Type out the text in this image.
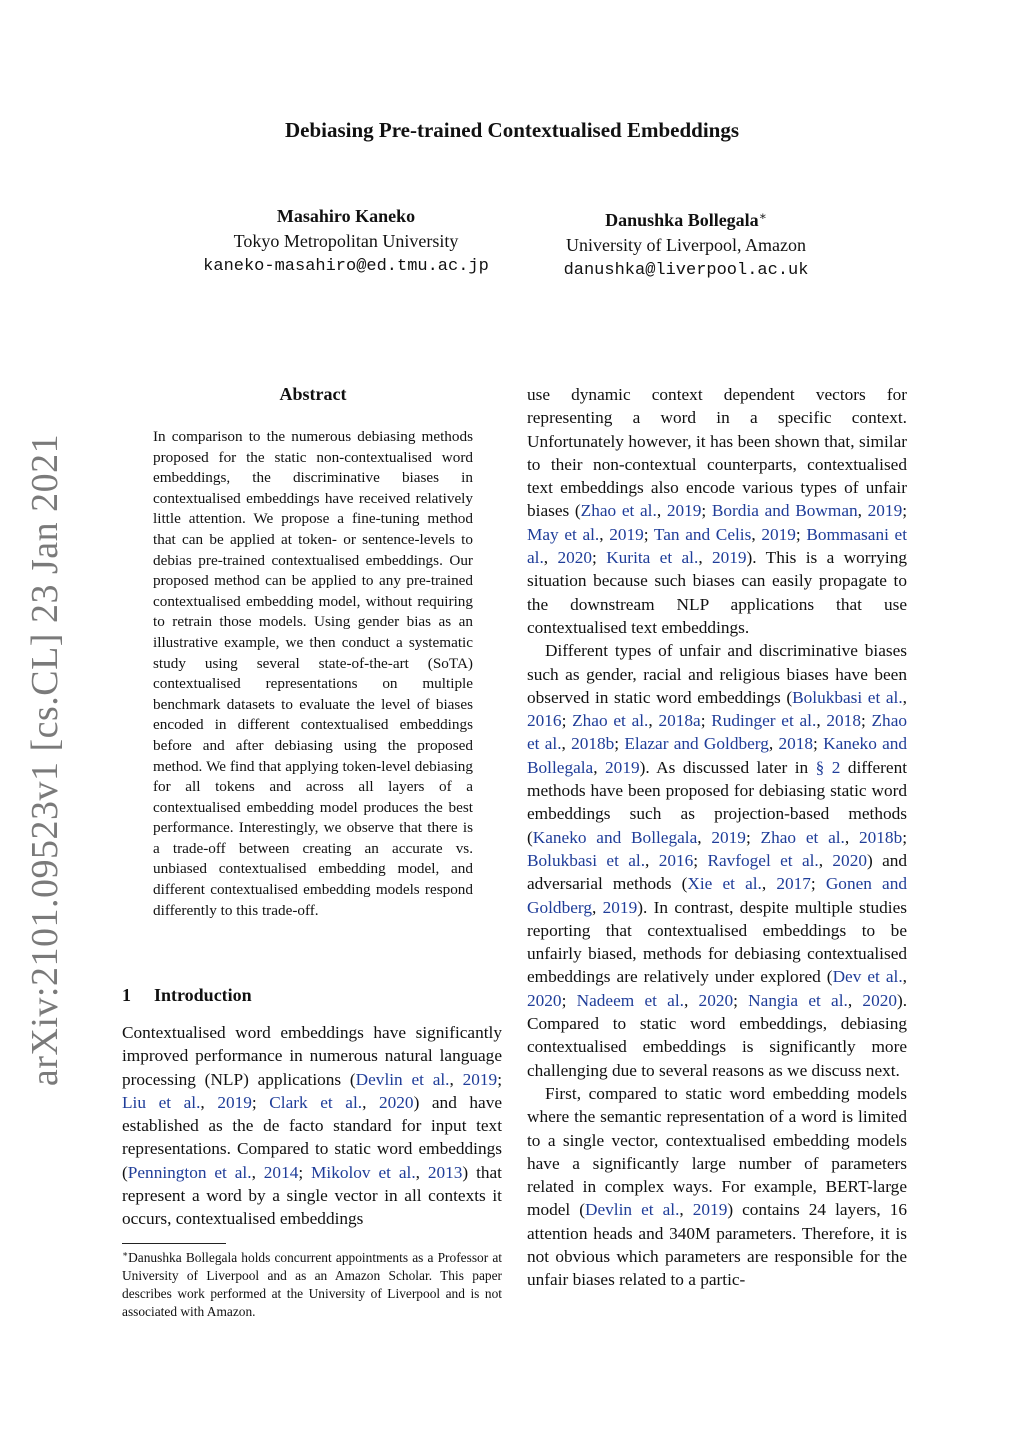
Debiasing Pre-trained Contextualised Embeddings
Masahiro Kaneko
Tokyo Metropolitan University
kaneko-masahiro@ed.tmu.ac.jp
Danushka Bollegala∗
University of Liverpool, Amazon
danushka@liverpool.ac.uk
arXiv:2101.09523v1 [cs.CL] 23 Jan 2021
Abstract

In comparison to the numerous debiasing methods proposed for the static non-contextualised word embeddings, the discriminative biases in contextualised embeddings have received relatively little attention. We propose a fine-tuning method that can be applied at token- or sentence-levels to debias pre-trained contextualised embeddings. Our proposed method can be applied to any pre-trained contextualised embedding model, without requiring to retrain those models. Using gender bias as an illustrative example, we then conduct a systematic study using several state-of-the-art (SoTA) contextualised representations on multiple benchmark datasets to evaluate the level of biases encoded in different contextualised embeddings before and after debiasing using the proposed method. We find that applying token-level debiasing for all tokens and across all layers of a contextualised embedding model produces the best performance. Interestingly, we observe that there is a trade-off between creating an accurate vs. unbiased contextualised embedding model, and different contextualised embedding models respond differently to this trade-off.

1 Introduction

Contextualised word embeddings have significantly improved performance in numerous natural language processing (NLP) applications (Devlin et al., 2019; Liu et al., 2019; Clark et al., 2020) and have established as the de facto standard for input text representations. Compared to static word embeddings (Pennington et al., 2014; Mikolov et al., 2013) that represent a word by a single vector in all contexts it occurs, contextualised embeddings

use dynamic context dependent vectors for representing a word in a specific context. Unfortunately however, it has been shown that, similar to their non-contextual counterparts, contextualised text embeddings also encode various types of unfair biases (Zhao et al., 2019; Bordia and Bowman, 2019; May et al., 2019; Tan and Celis, 2019; Bommasani et al., 2020; Kurita et al., 2019). This is a worrying situation because such biases can easily propagate to the downstream NLP applications that use contextualised text embeddings.

Different types of unfair and discriminative biases such as gender, racial and religious biases have been observed in static word embeddings (Bolukbasi et al., 2016; Zhao et al., 2018a; Rudinger et al., 2018; Zhao et al., 2018b; Elazar and Goldberg, 2018; Kaneko and Bollegala, 2019). As discussed later in § 2 different methods have been proposed for debiasing static word embeddings such as projection-based methods (Kaneko and Bollegala, 2019; Zhao et al., 2018b; Bolukbasi et al., 2016; Ravfogel et al., 2020) and adversarial methods (Xie et al., 2017; Gonen and Goldberg, 2019). In contrast, despite multiple studies reporting that contextualised embeddings to be unfairly biased, methods for debiasing contextualised embeddings are relatively under explored (Dev et al., 2020; Nadeem et al., 2020; Nangia et al., 2020). Compared to static word embeddings, debiasing contextualised embeddings is significantly more challenging due to several reasons as we discuss next.

First, compared to static word embedding models where the semantic representation of a word is limited to a single vector, contextualised embedding models have a significantly large number of parameters related in complex ways. For example, BERT-large model (Devlin et al., 2019) contains 24 layers, 16 attention heads and 340M parameters. Therefore, it is not obvious which parameters are responsible for the unfair biases related to a partic-

∗Danushka Bollegala holds concurrent appointments as a Professor at University of Liverpool and as an Amazon Scholar. This paper describes work performed at the University of Liverpool and is not associated with Amazon.
